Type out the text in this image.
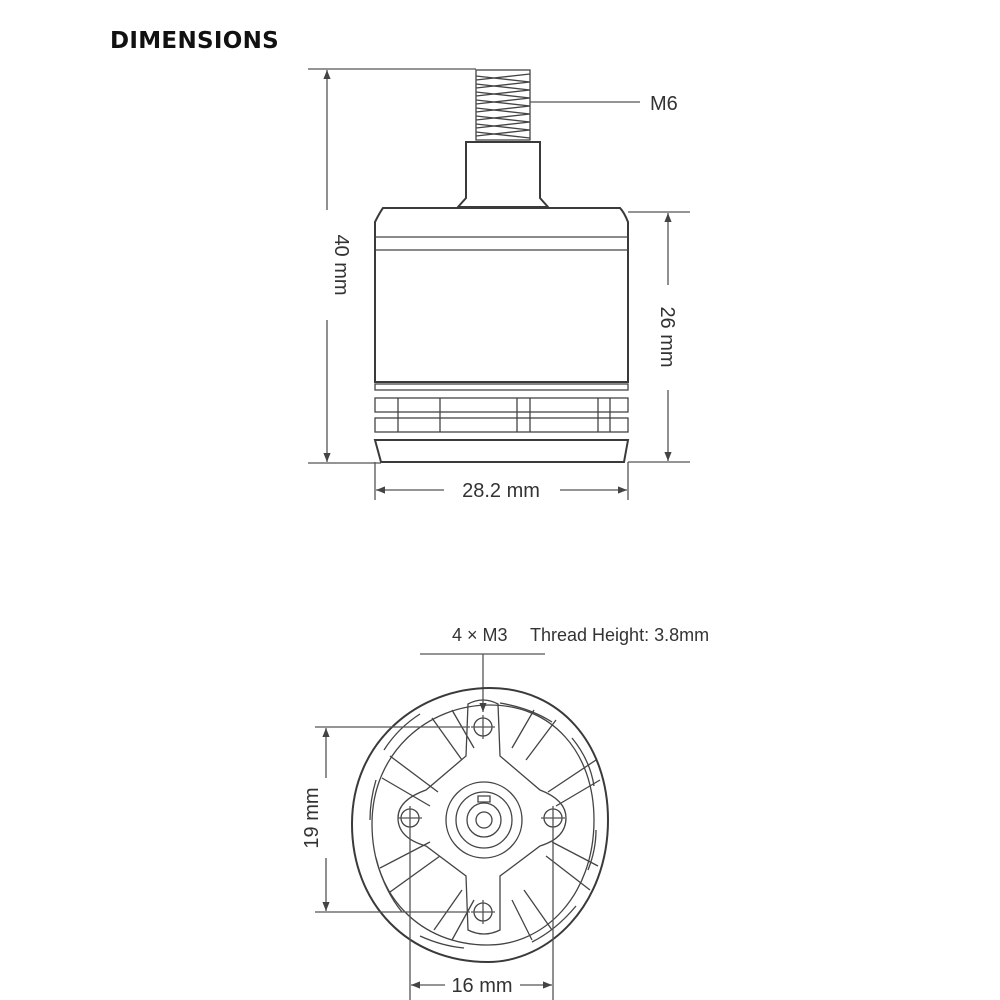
DIMENSIONS
M6
40 mm
26 mm
28.2 mm
4 × M3 Thread Height: 3.8mm
19 mm
16 mm
